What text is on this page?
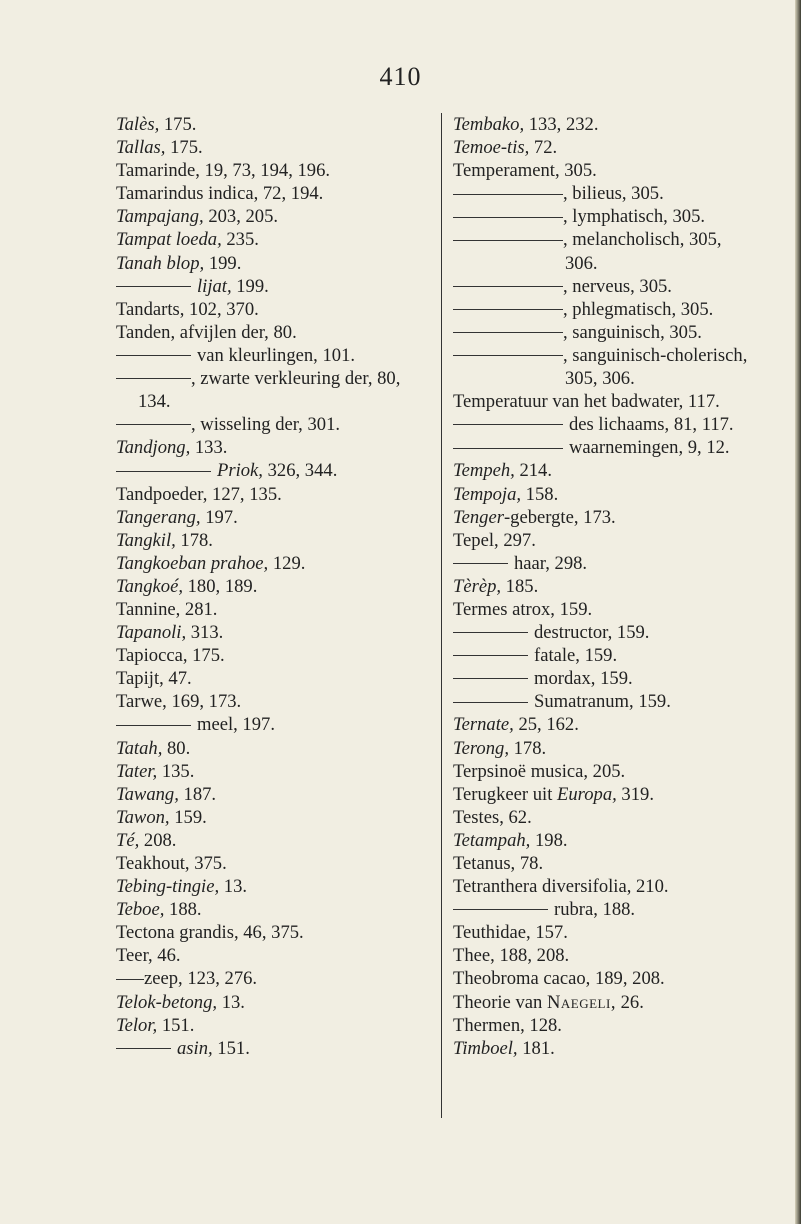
410
Talès, 175.
Tallas, 175.
Tamarinde, 19, 73, 194, 196.
Tamarindus indica, 72, 194.
Tampajang, 203, 205.
Tampat loeda, 235.
Tanah blop, 199.
lijat, 199.
Tandarts, 102, 370.
Tanden, afvijlen der, 80.
van kleurlingen, 101.
, zwarte verkleuring der, 80,
134.
, wisseling der, 301.
Tandjong, 133.
Priok, 326, 344.
Tandpoeder, 127, 135.
Tangerang, 197.
Tangkil, 178.
Tangkoeban prahoe, 129.
Tangkoé, 180, 189.
Tannine, 281.
Tapanoli, 313.
Tapiocca, 175.
Tapijt, 47.
Tarwe, 169, 173.
meel, 197.
Tatah, 80.
Tater, 135.
Tawang, 187.
Tawon, 159.
Té, 208.
Teakhout, 375.
Tebing-tingie, 13.
Teboe, 188.
Tectona grandis, 46, 375.
Teer, 46.
zeep, 123, 276.
Telok-betong, 13.
Telor, 151.
asin, 151.
Tembako, 133, 232.
Temoe-tis, 72.
Temperament, 305.
, bilieus, 305.
, lymphatisch, 305.
, melancholisch, 305,
306.
, nerveus, 305.
, phlegmatisch, 305.
, sanguinisch, 305.
, sanguinisch-cholerisch,
305, 306.
Temperatuur van het badwater, 117.
des lichaams, 81, 117.
waarnemingen, 9, 12.
Tempeh, 214.
Tempoja, 158.
Tenger-gebergte, 173.
Tepel, 297.
haar, 298.
Tèrèp, 185.
Termes atrox, 159.
destructor, 159.
fatale, 159.
mordax, 159.
Sumatranum, 159.
Ternate, 25, 162.
Terong, 178.
Terpsinoë musica, 205.
Terugkeer uit Europa, 319.
Testes, 62.
Tetampah, 198.
Tetanus, 78.
Tetranthera diversifolia, 210.
rubra, 188.
Teuthidae, 157.
Thee, 188, 208.
Theobroma cacao, 189, 208.
Theorie van Naegeli, 26.
Thermen, 128.
Timboel, 181.
